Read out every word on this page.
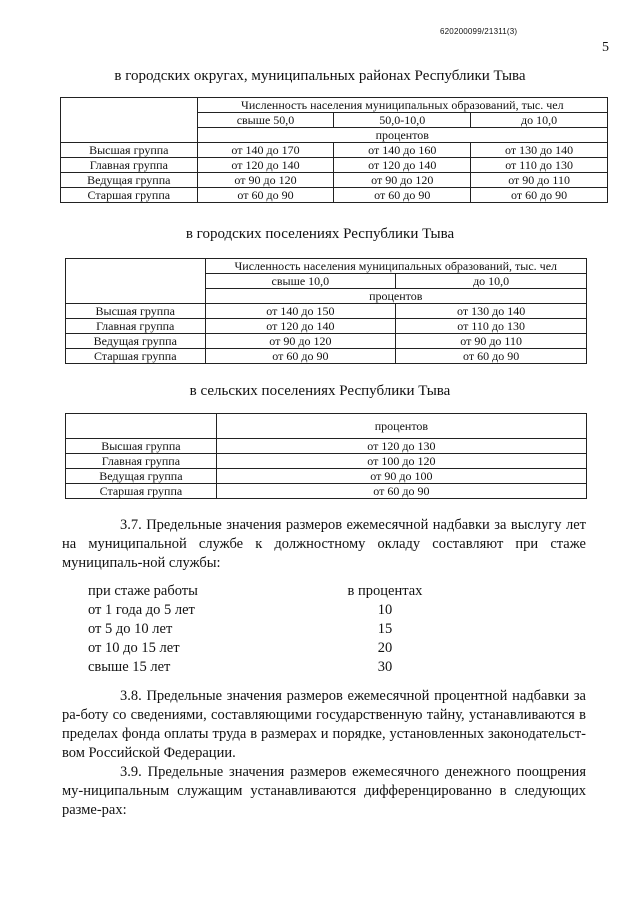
620200099/21311(3)
5
в городских округах, муниципальных районах Республики Тыва
	Численность населения муниципальных образований, тыс. чел		
	свыше 50,0	50,0-10,0	до 10,0
	процентов		
Высшая группа	от 140 до 170	от 140 до 160	от 130 до 140
Главная группа	от 120 до 140	от 120 до 140	от 110 до 130
Ведущая группа	от 90 до 120	от 90 до 120	от 90 до 110
Старшая группа	от 60 до 90	от 60 до 90	от 60 до 90
в городских поселениях Республики Тыва
	Численность населения муниципальных образований, тыс. чел	
	свыше 10,0	до 10,0
	процентов	
Высшая группа	от 140 до 150	от 130 до 140
Главная группа	от 120 до 140	от 110 до 130
Ведущая группа	от 90 до 120	от 90 до 110
Старшая группа	от 60 до 90	от 60 до 90
в сельских поселениях Республики Тыва
	процентов
Высшая группа	от 120 до 130
Главная группа	от 100 до 120
Ведущая группа	от 90 до 100
Старшая группа	от 60 до 90
3.7. Предельные значения размеров ежемесячной надбавки за выслугу лет на муниципальной службе к должностному окладу составляют при стаже муниципаль-ной службы:
при стаже работы	в процентах
от 1 года до 5 лет	10
от 5 до 10 лет	15
от 10 до 15 лет	20
свыше 15 лет	30
3.8. Предельные значения размеров ежемесячной процентной надбавки за ра-боту со сведениями, составляющими государственную тайну, устанавливаются в пределах фонда оплаты труда в размерах и порядке, установленных законодательст-вом Российской Федерации.
3.9. Предельные значения размеров ежемесячного денежного поощрения му-ниципальным служащим устанавливаются дифференцированно в следующих разме-рах:
